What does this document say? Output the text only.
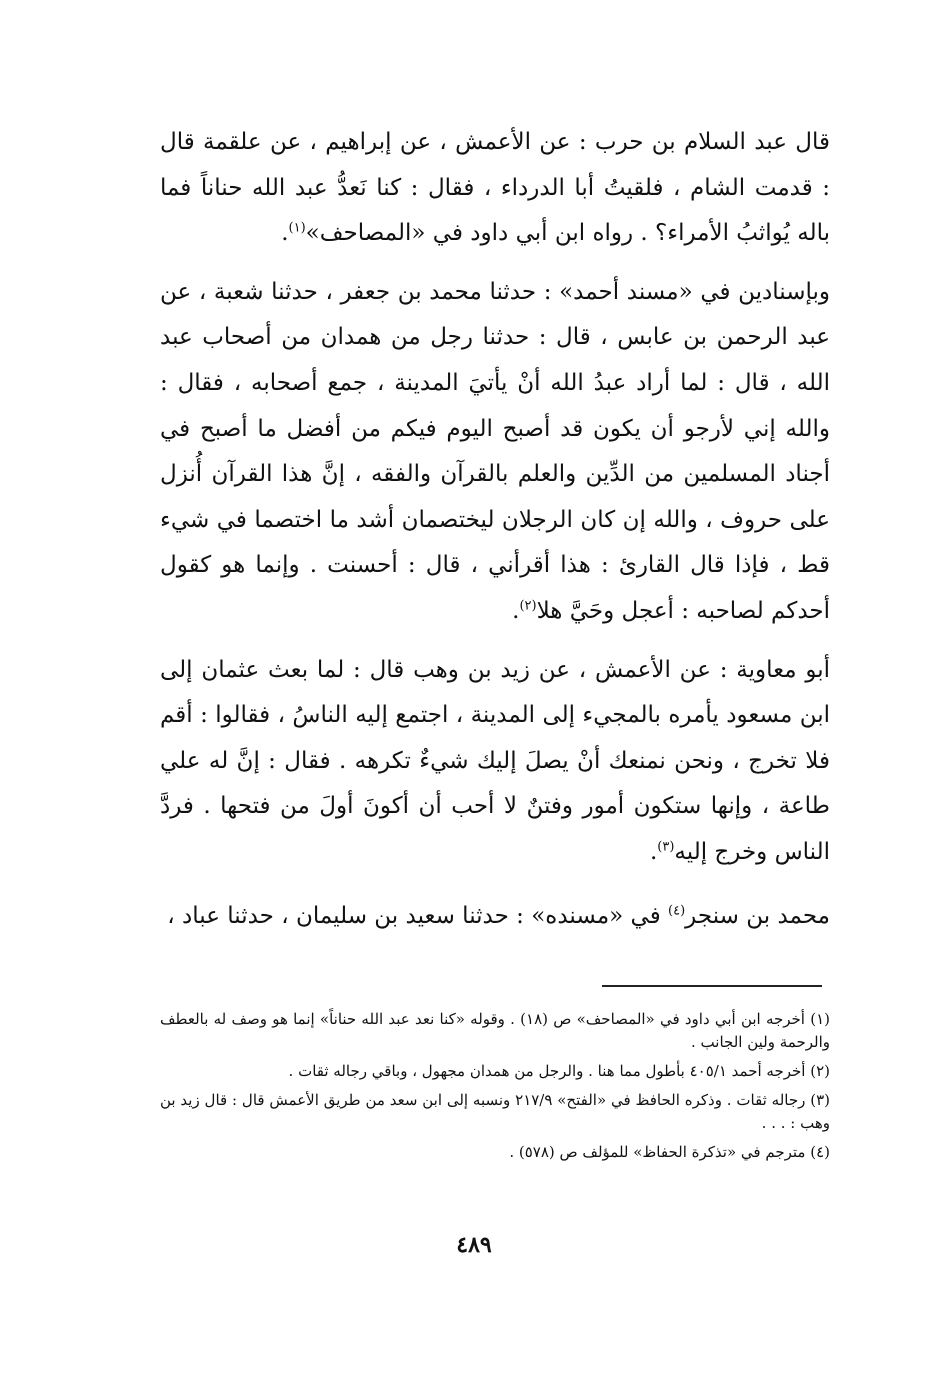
قال عبد السلام بن حرب : عن الأعمش ، عن إبراهيم ، عن علقمة قال : قدمت الشام ، فلقيتُ أبا الدرداء ، فقال : كنا نَعدُّ عبد الله حناناً فما باله يُواثبُ الأمراء؟ . رواه ابن أبي داود في «المصاحف»$^{(١)}$.

وبإسنادين في «مسند أحمد» : حدثنا محمد بن جعفر ، حدثنا شعبة ، عن عبد الرحمن بن عابس ، قال : حدثنا رجل من همدان من أصحاب عبد الله ، قال : لما أراد عبدُ الله أنْ يأتيَ المدينة ، جمع أصحابه ، فقال : والله إني لأرجو أن يكون قد أصبح اليوم فيكم من أفضل ما أصبح في أجناد المسلمين من الدِّين والعلم بالقرآن والفقه ، إنَّ هذا القرآن أُنزل على حروف ، والله إن كان الرجلان ليختصمان أشد ما اختصما في شيء قط ، فإذا قال القارئ : هذا أقرأني ، قال : أحسنت . وإنما هو كقول أحدكم لصاحبه : أعجل وحَيَّ هلا$^{(٢)}$.

أبو معاوية : عن الأعمش ، عن زيد بن وهب قال : لما بعث عثمان إلى ابن مسعود يأمره بالمجيء إلى المدينة ، اجتمع إليه الناسُ ، فقالوا : أقم فلا تخرج ، ونحن نمنعك أنْ يصلَ إليك شيءٌ تكرهه . فقال : إنَّ له علي طاعة ، وإنها ستكون أمور وفتنٌ لا أحب أن أكونَ أولَ من فتحها . فردَّ الناس وخرج إليه$^{(٣)}$.

محمد بن سنجر$^{(٤)}$ في «مسنده» : حدثنا سعيد بن سليمان ، حدثنا عباد ،

(١) أخرجه ابن أبي داود في «المصاحف» ص (١٨) . وقوله «كنا نعد عبد الله حناناً» إنما هو وصف له بالعطف والرحمة ولين الجانب .

(٢) أخرجه أحمد ٤٠٥/١ بأطول مما هنا . والرجل من همدان مجهول ، وباقي رجاله ثقات .

(٣) رجاله ثقات . وذكره الحافظ في «الفتح» ٢١٧/٩ ونسبه إلى ابن سعد من طريق الأعمش قال : قال زيد بن وهب : . . .

(٤) مترجم في «تذكرة الحفاظ» للمؤلف ص (٥٧٨) .

٤٨٩
